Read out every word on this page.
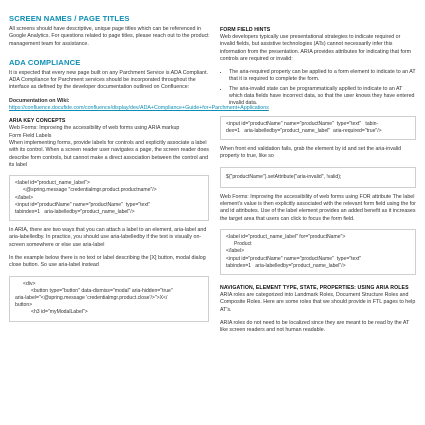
SCREEN NAMES / PAGE TITLES

All screens should have descriptive, unique page titles which can be referenced in Google Analytics. For questions related to page titles, please reach out to the product management team for assistance.

ADA COMPLIANCE

It is expected that every new page built on any Parchment Service is ADA Compliant. ADA Compliance for Parchment services should be incorporated throughout the interface as defined by the developer documentation outlined on Confluence:

Documentation on Wiki: https://confluence.docufide.com/confluence/display/dev/ADA+Compliance+Guide+for+Parchment+Applications

ARIA KEY CONCEPTS

Web Forms: Improving the accessibility of web forms using ARIA markup

Form Field Labels

When implementing forms, provide labels for controls and explicitly associate a label with its control. When a screen reader user navigates a page, the screen reader does describe form controls, but cannot make a direct association between the control and its label

<label id="product_name_label">
<@spring.message "credentialmgr.product.productname"/>
</label>
<input id="productName" name="productName"  type="text"
tabindex=1   aria-labelledby="product_name_label"/>

In ARIA, there are two ways that you can attach a label to an element, aria-label and aria-labelledby. In practice, you should use aria-labelledby if the text is visually on-screen somewhere or else use aria-label

In the example below there is no text or label describing the [X] button, modal dialog close button. So use aria-label instead

<div>
<button type="button" data-dismiss="modal" aria-hidden="true"
aria-label="<@spring.message 'credentialmgr.product.close'/>">X</
button>
<h3 id="myModalLabel">
FORM FIELD HINTS

Web developers typically use presentational strategies to indicate required or invalid fields, but assistive technologies (ATs) cannot necessarily infer this information from the presentation. ARIA provides attributes for indicating that form controls are required or invalid:

• The aria-required property can be applied to a form element to indicate to an AT that it is required to complete the form.
• The aria-invalid state can be programmatically applied to indicate to an AT which data fields have incorrect data, so that the user knows they have entered invalid data.
<input id="productName" name="productName"  type="text"   tabin-
dex=1   aria-labelledby="product_name_label"  aria-required="true"/>

When front end validation fails, grab the element by id and set the aria-invalid property to true, like so

$("productName").setAttribute("aria-invalid", !valid);

Web Forms: Improving the accessibility of web forms using FOR attribute The label element's value is then explicitly associated with the relevant form field using the for and id attributes. Use of the label element provides an added benefit as it increases the target area that users can click to focus the form field.

<label id="product_name_label" for="productName">
Product
</label>
<input id="productName" name="productName"  type="text"
tabindex=1   aria-labelledby="product_name_label"/>
NAVIGATION, ELEMENT TYPE, STATE, PROPERTIES: USING ARIA ROLES

ARIA roles are categorized into Landmark Roles, Document Structure Roles and Composite Roles. Here are some roles that we should provide in FTL pages to help AT's.

ARIA roles do not need to be localized since they are meant to be read by the AT like screen readers and not human readable.
